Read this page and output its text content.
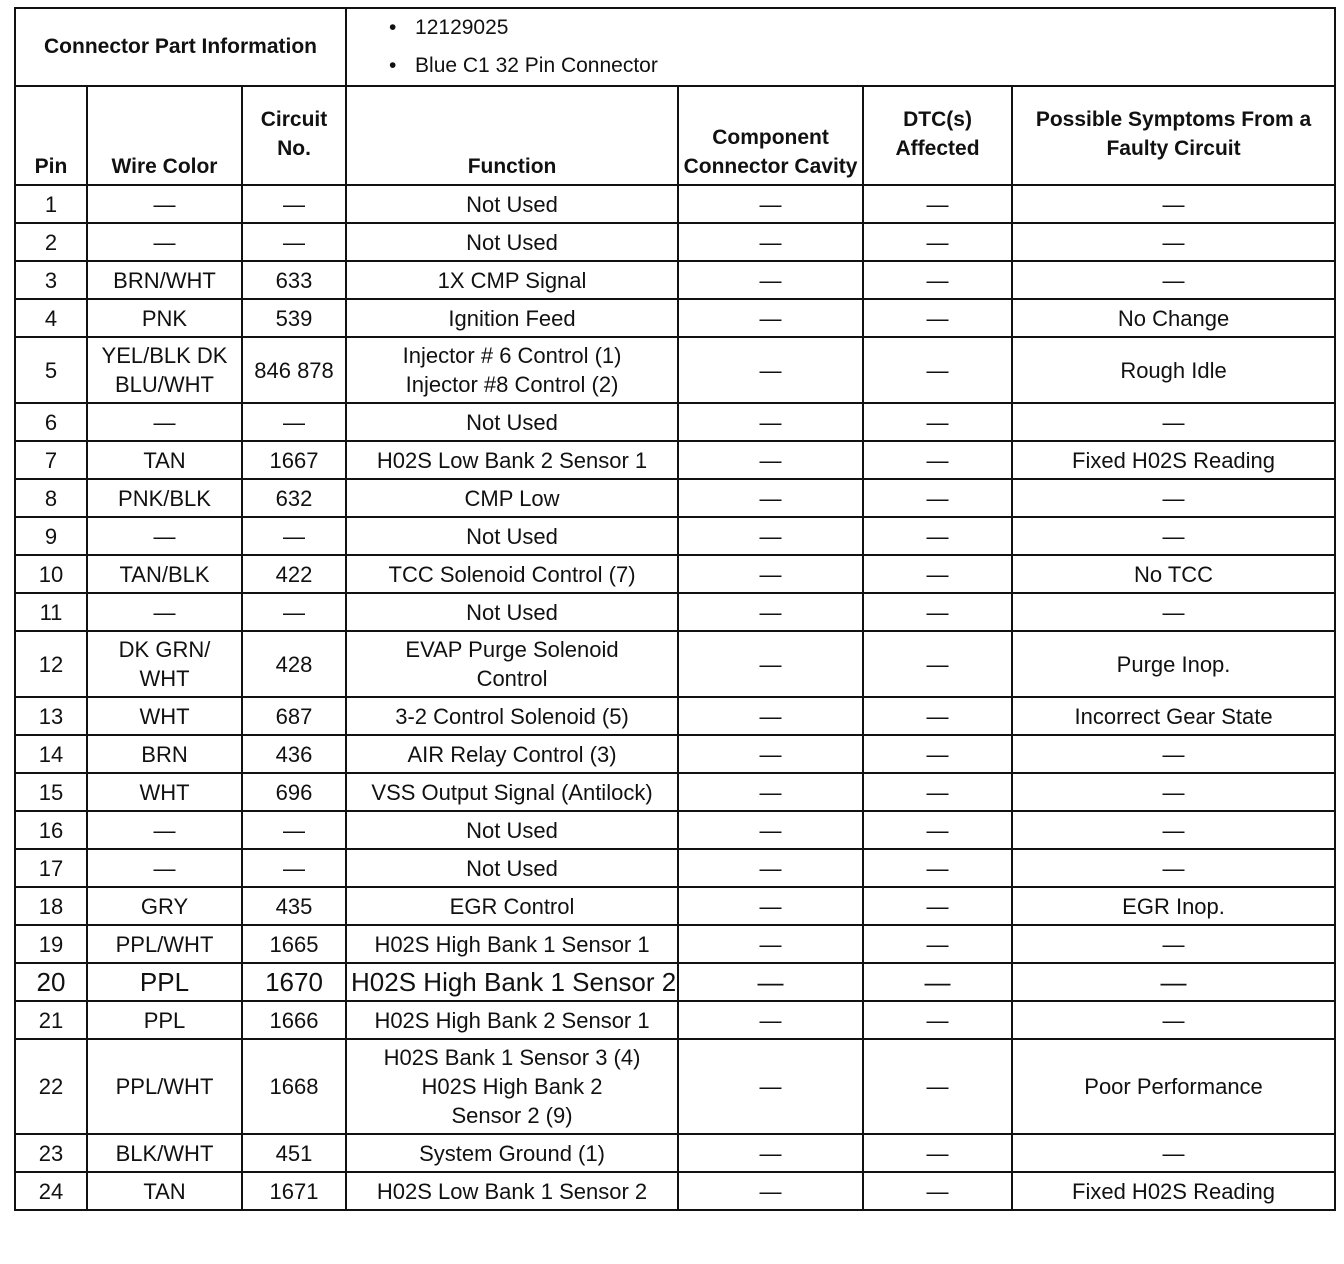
Connector Part Information			• 12129025
• Blue C1 32 Pin Connector			

Pin	Wire Color	Circuit No.	Function	Component Connector Cavity	DTC(s) Affected	Possible Symptoms From a Faulty Circuit
1	—	—	Not Used	—	—	—
2	—	—	Not Used	—	—	—
3	BRN/WHT	633	1X CMP Signal	—	—	—
4	PNK	539	Ignition Feed	—	—	No Change
5	YEL/BLK DK BLU/WHT	846 878	Injector # 6 Control (1)
Injector #8 Control (2)	—	—	Rough Idle
6	—	—	Not Used	—	—	—
7	TAN	1667	H02S Low Bank 2 Sensor 1	—	—	Fixed H02S Reading
8	PNK/BLK	632	CMP Low	—	—	—
9	—	—	Not Used	—	—	—
10	TAN/BLK	422	TCC Solenoid Control (7)	—	—	No TCC
11	—	—	Not Used	—	—	—
12	DK GRN/ WHT	428	EVAP Purge Solenoid
Control	—	—	Purge Inop.
13	WHT	687	3-2 Control Solenoid (5)	—	—	Incorrect Gear State
14	BRN	436	AIR Relay Control (3)	—	—	—
15	WHT	696	VSS Output Signal (Antilock)	—	—	—
16	—	—	Not Used	—	—	—
17	—	—	Not Used	—	—	—
18	GRY	435	EGR Control	—	—	EGR Inop.
19	PPL/WHT	1665	H02S High Bank 1 Sensor 1	—	—	—
20	PPL	1670	H02S High Bank 1 Sensor 2	—	—	—
21	PPL	1666	H02S High Bank 2 Sensor 1	—	—	—
22	PPL/WHT	1668	H02S Bank 1 Sensor 3 (4)
H02S High Bank 2
Sensor 2 (9)	—	—	Poor Performance
23	BLK/WHT	451	System Ground (1)	—	—	—
24	TAN	1671	H02S Low Bank 1 Sensor 2	—	—	Fixed H02S Reading
